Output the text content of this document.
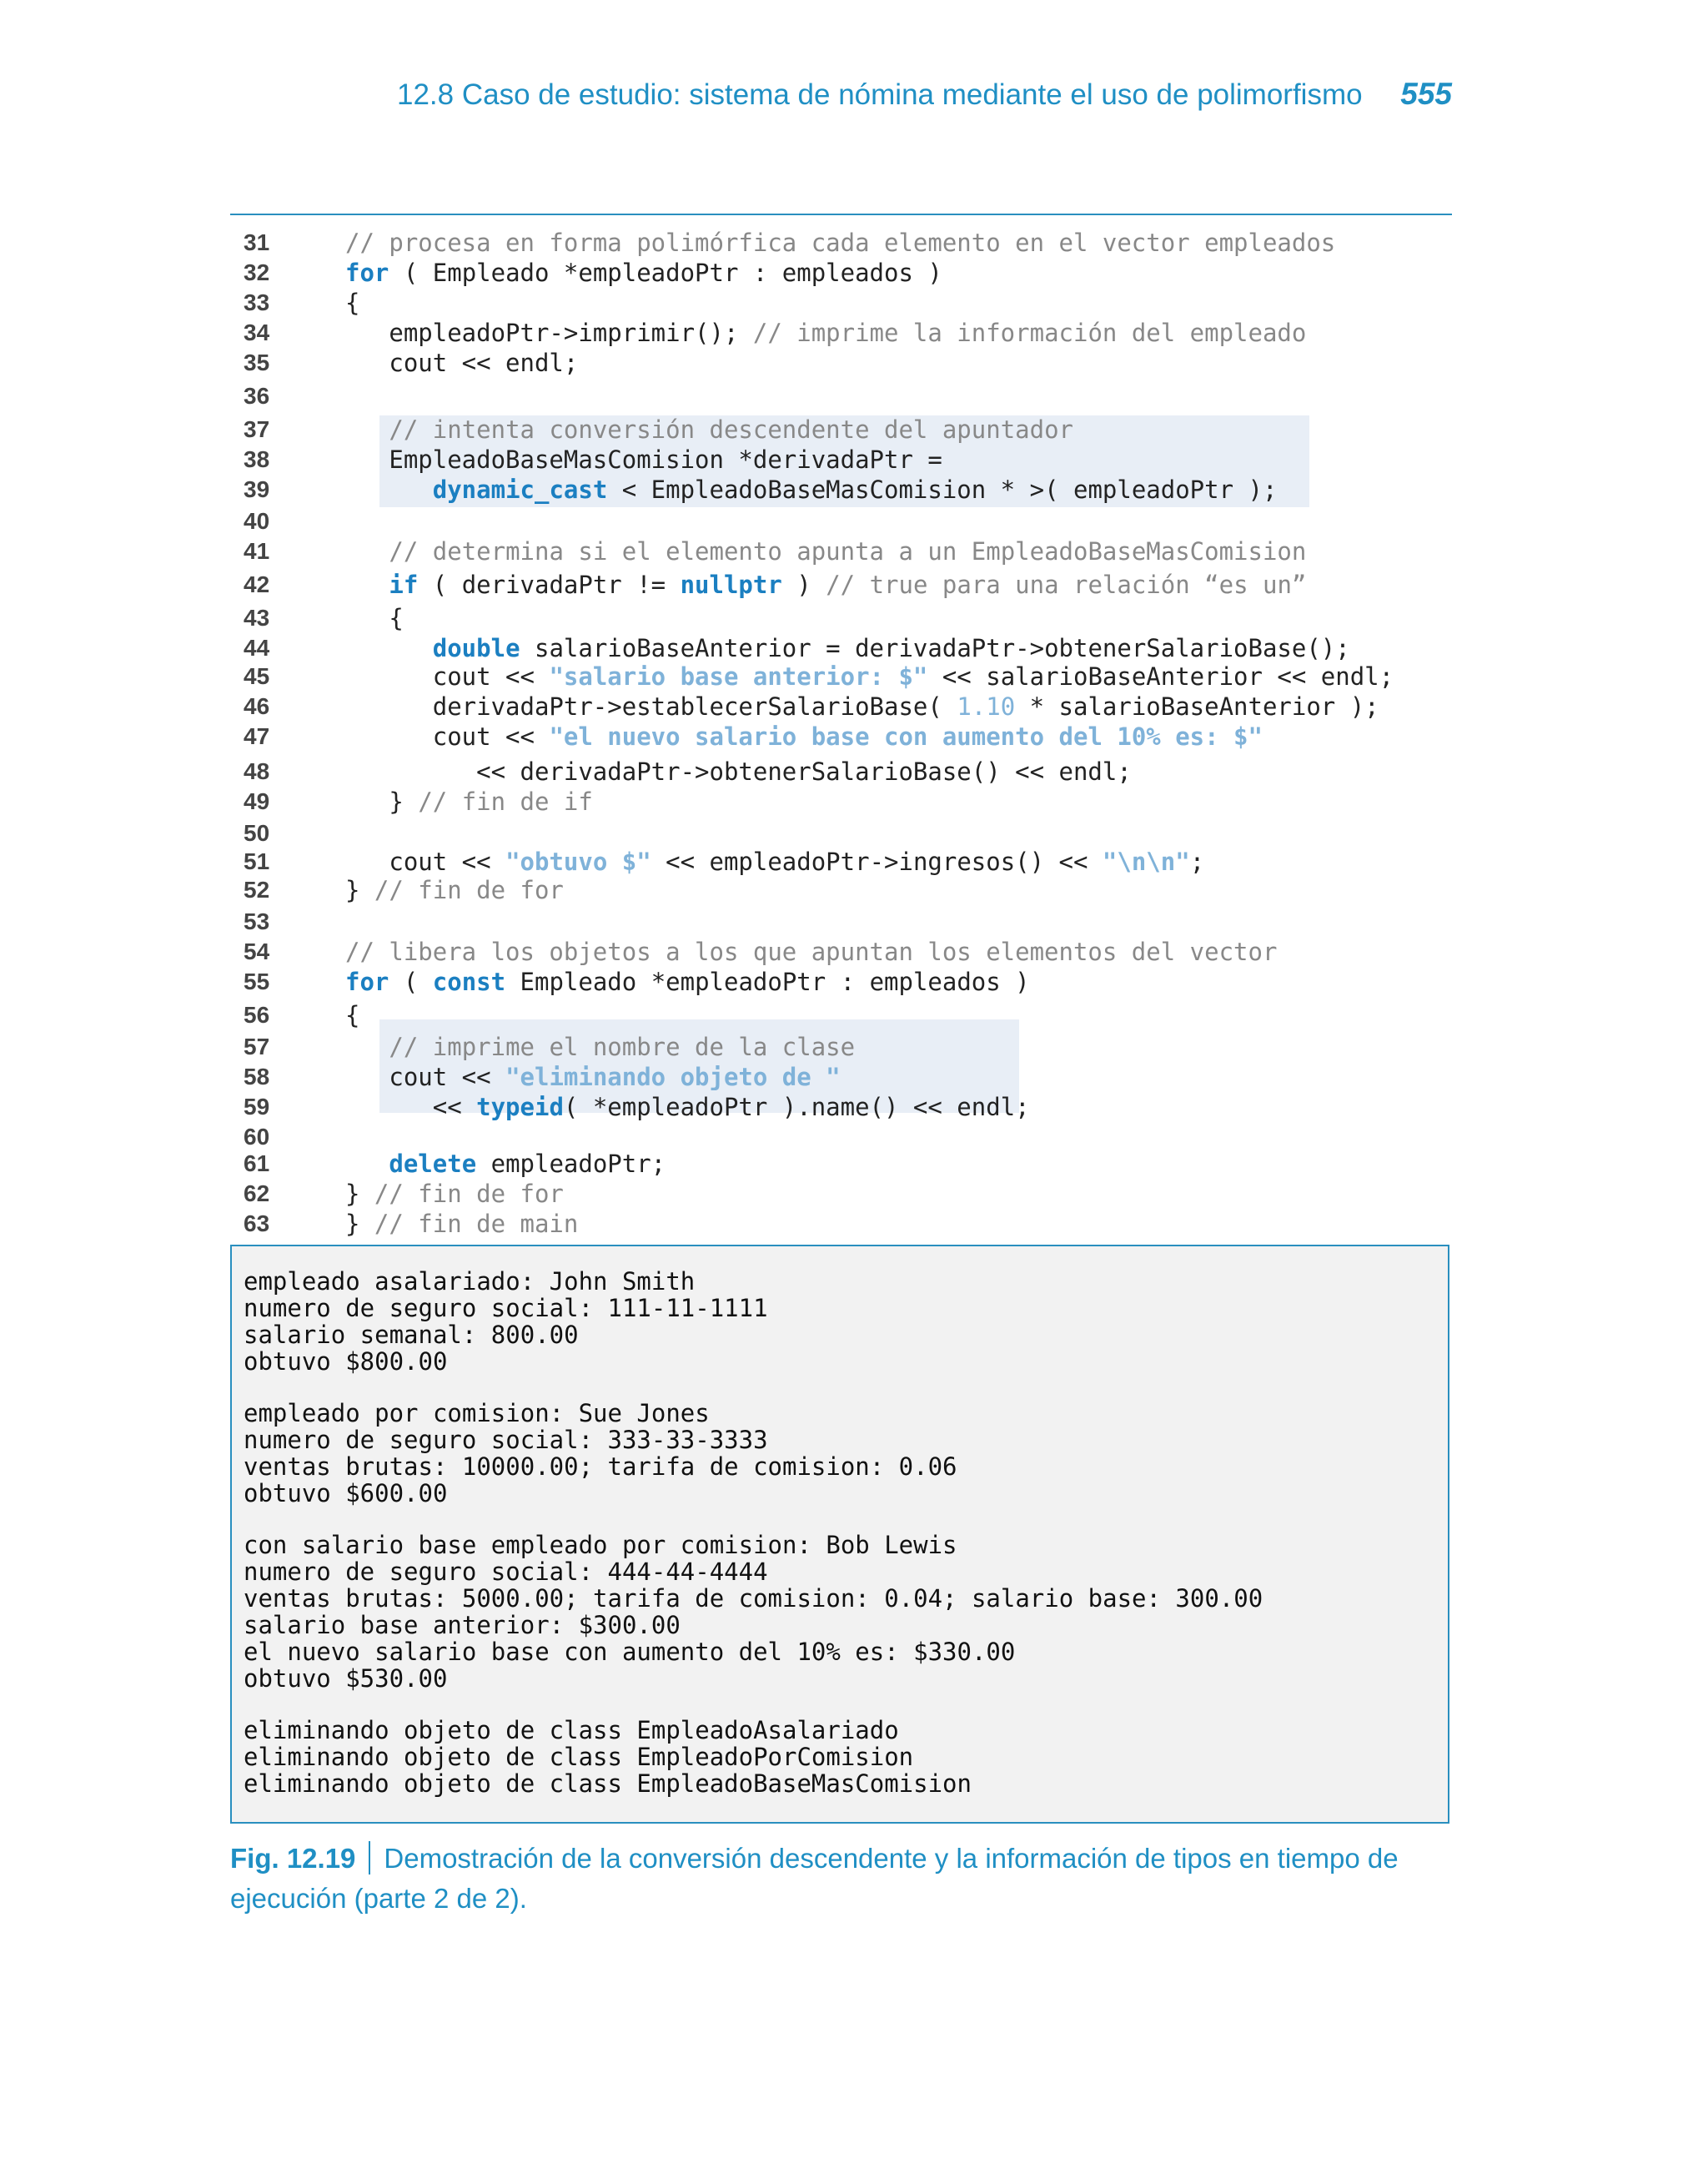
12.8 Caso de estudio: sistema de nómina mediante el uso de polimorfismo 555
31	// procesa en forma polimórfica cada elemento en el vector empleados
32	for ( Empleado *empleadoPtr : empleados )
33	{
34	empleadoPtr->imprimir(); // imprime la información del empleado
35	cout << endl;
36
37	// intenta conversión descendente del apuntador
38	EmpleadoBaseMasComision *derivadaPtr =
39	dynamic_cast < EmpleadoBaseMasComision * >( empleadoPtr );
40
41	// determina si el elemento apunta a un EmpleadoBaseMasComision
42	if ( derivadaPtr != nullptr ) // true para una relación “es un”
43	{
44	double salarioBaseAnterior = derivadaPtr->obtenerSalarioBase();
45	cout << "salario base anterior: $" << salarioBaseAnterior << endl;
46	derivadaPtr->establecerSalarioBase( 1.10 * salarioBaseAnterior );
47	cout << "el nuevo salario base con aumento del 10% es: $"
48	<< derivadaPtr->obtenerSalarioBase() << endl;
49	} // fin de if
50
51	cout << "obtuvo $" << empleadoPtr->ingresos() << "\n\n";
52	} // fin de for
53
54	// libera los objetos a los que apuntan los elementos del vector
55	for ( const Empleado *empleadoPtr : empleados )
56	{
57	// imprime el nombre de la clase
58	cout << "eliminando objeto de "
59	<< typeid( *empleadoPtr ).name() << endl;
60
61	delete empleadoPtr;
62	} // fin de for
63	} // fin de main
empleado asalariado: John Smith
numero de seguro social: 111-11-1111
salario semanal: 800.00
obtuvo $800.00
empleado por comision: Sue Jones
numero de seguro social: 333-33-3333
ventas brutas: 10000.00; tarifa de comision: 0.06
obtuvo $600.00
con salario base empleado por comision: Bob Lewis
numero de seguro social: 444-44-4444
ventas brutas: 5000.00; tarifa de comision: 0.04; salario base: 300.00
salario base anterior: $300.00
el nuevo salario base con aumento del 10% es: $330.00
obtuvo $530.00
eliminando objeto de class EmpleadoAsalariado
eliminando objeto de class EmpleadoPorComision
eliminando objeto de class EmpleadoBaseMasComision
Fig. 12.19 Demostración de la conversión descendente y la información de tipos en tiempo de ejecución (parte 2 de 2).
